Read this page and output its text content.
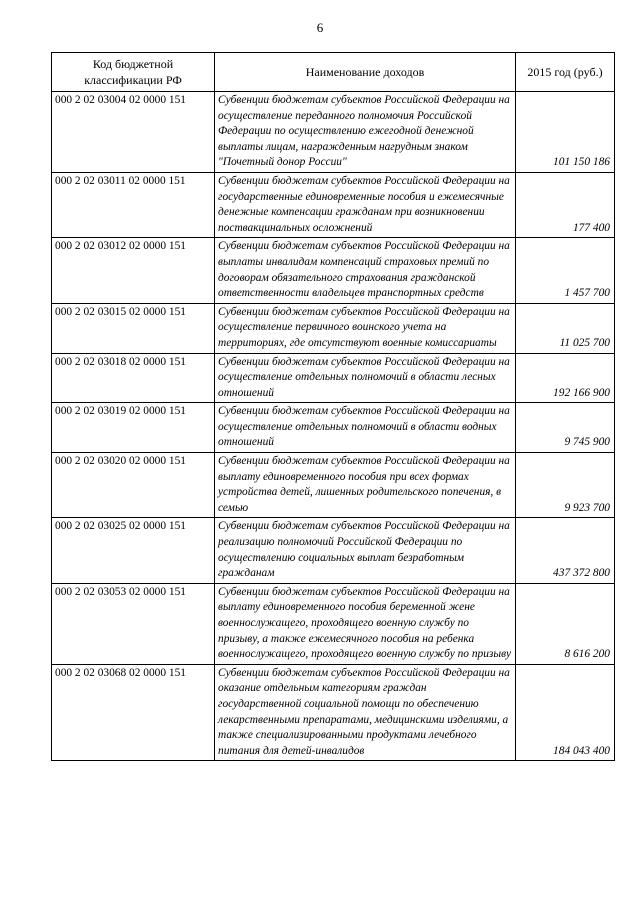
6
Код бюджетной классификации РФ	Наименование доходов	2015 год (руб.)
000 2 02 03004 02 0000 151	Субвенции бюджетам субъектов Российской Федерации на осуществление переданного полномочия Российской Федерации по осуществлению ежегодной денежной выплаты лицам, награжденным нагрудным знаком "Почетный донор России"	101 150 186
000 2 02 03011 02 0000 151	Субвенции бюджетам субъектов Российской Федерации на государственные единовременные пособия и ежемесячные денежные компенсации гражданам при возникновении поствакцинальных осложнений	177 400
000 2 02 03012 02 0000 151	Субвенции бюджетам субъектов Российской Федерации на выплаты инвалидам компенсаций страховых премий по договорам обязательного страхования гражданской ответственности владельцев транспортных средств	1 457 700
000 2 02 03015 02 0000 151	Субвенции бюджетам субъектов Российской Федерации на осуществление первичного воинского учета на территориях, где отсутствуют военные комиссариаты	11 025 700
000 2 02 03018 02 0000 151	Субвенции бюджетам субъектов Российской Федерации на осуществление отдельных полномочий в области лесных отношений	192 166 900
000 2 02 03019 02 0000 151	Субвенции бюджетам субъектов Российской Федерации на осуществление отдельных полномочий в области водных отношений	9 745 900
000 2 02 03020 02 0000 151	Субвенции бюджетам субъектов Российской Федерации на выплату единовременного пособия при всех формах устройства детей, лишенных родительского попечения, в семью	9 923 700
000 2 02 03025 02 0000 151	Субвенции бюджетам субъектов Российской Федерации на реализацию полномочий Российской Федерации по осуществлению социальных выплат безработным гражданам	437 372 800
000 2 02 03053 02 0000 151	Субвенции бюджетам субъектов Российской Федерации на выплату единовременного пособия беременной жене военнослужащего, проходящего военную службу по призыву, а также ежемесячного пособия на ребенка военнослужащего, проходящего военную службу по призыву	8 616 200
000 2 02 03068 02 0000 151	Субвенции бюджетам субъектов Российской Федерации на оказание отдельным категориям граждан государственной социальной помощи по обеспечению лекарственными препаратами, медицинскими изделиями, а также специализированными продуктами лечебного питания для детей-инвалидов	184 043 400
